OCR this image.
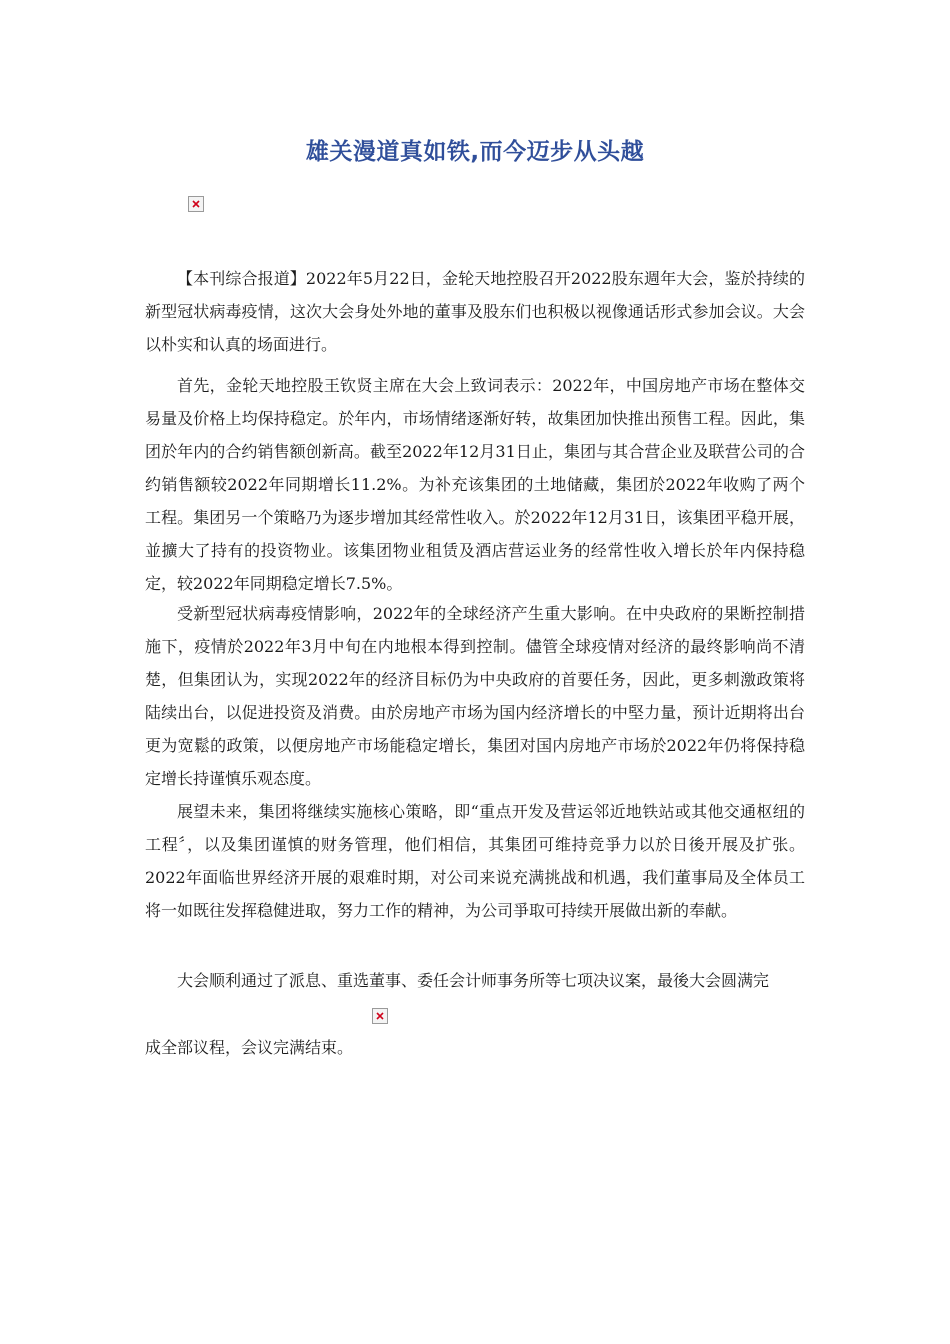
雄关漫道真如铁,而今迈步从头越

【本刊综合报道】2022年5月22日，金轮天地控股召开2022股东週年大会，鉴於持续的新型冠状病毒疫情，这次大会身处外地的董事及股东们也积极以视像通话形式参加会议。大会以朴实和认真的场面进行。

首先，金轮天地控股王钦贤主席在大会上致词表示：2022年，中国房地产市场在整体交易量及价格上均保持稳定。於年内，市场情绪逐渐好转，故集团加快推出预售工程。因此，集团於年内的合约销售额创新高。截至2022年12月31日止，集团与其合营企业及联营公司的合约销售额较2022年同期增长11.2%。为补充该集团的土地储藏，集团於2022年收购了两个工程。集团另一个策略乃为逐步增加其经常性收入。於2022年12月31日，该集团平稳开展，並擴大了持有的投资物业。该集团物业租赁及酒店营运业务的经常性收入增长於年内保持稳定，较2022年同期稳定增长7.5%。

受新型冠状病毒疫情影响，2022年的全球经济产生重大影响。在中央政府的果断控制措施下，疫情於2022年3月中旬在内地根本得到控制。儘管全球疫情对经济的最终影响尚不清楚，但集团认为，实现2022年的经济目标仍为中央政府的首要任务，因此，更多刺激政策将陆续出台，以促进投资及消费。由於房地产市场为国内经济增长的中堅力量，预计近期将出台更为宽鬆的政策，以便房地产市场能稳定增长，集团对国内房地产市场於2022年仍将保持稳定增长持谨慎乐观态度。

展望未来，集团将继续实施核心策略，即“重点开发及营运邻近地铁站或其他交通枢纽的工程〞，以及集团谨慎的财务管理，他们相信，其集团可维持竞爭力以於日後开展及扩张。2022年面临世界经济开展的艰难时期，对公司来说充满挑战和机遇，我们董事局及全体员工将一如既往发挥稳健进取，努力工作的精神，为公司爭取可持续开展做出新的奉献。

大会顺利通过了派息、重选董事、委任会计师事务所等七项决议案，最後大会圆满完

成全部议程，会议完满结束。
